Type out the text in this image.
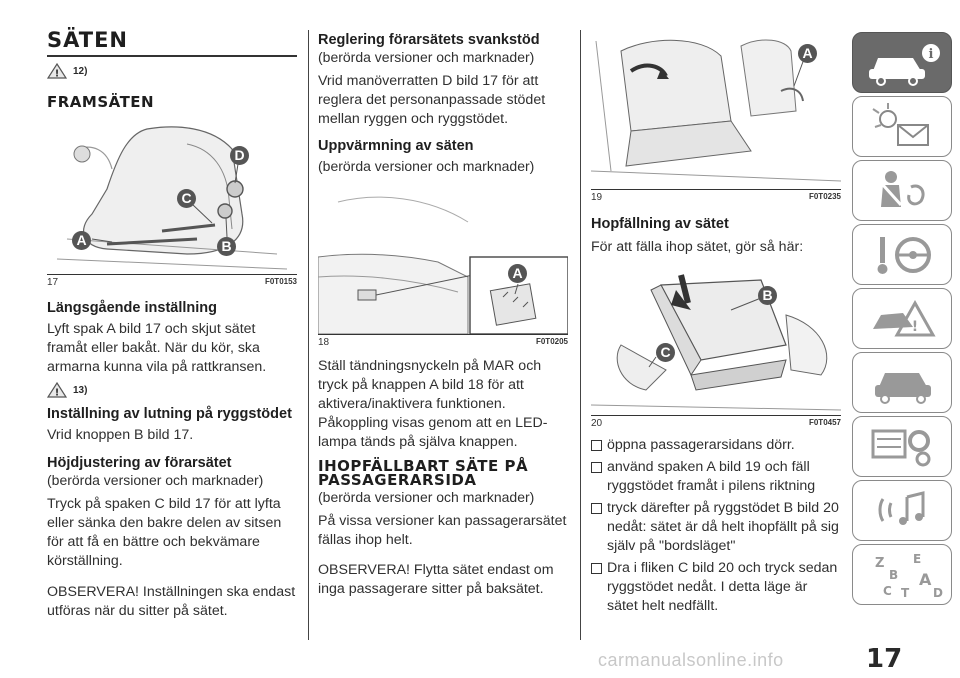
SÄTEN
! 12)
FRAMSÄTEN
D
C
B
A
17	F0T0153
Längsgående inställning

Lyft spak A bild 17 och skjut sätet framåt eller bakåt. När du kör, ska armarna kunna vila på rattkransen.

! 13)
Inställning av lutning på ryggstödet

Vrid knoppen B bild 17.

Höjdjustering av förarsätet

(berörda versioner och marknader)

Tryck på spaken C bild 17 för att lyfta eller sänka den bakre delen av sitsen för att få en bättre och bekvämare körställning.

OBSERVERA! Inställningen ska endast utföras när du sitter på sätet.

Reglering förarsätets svankstöd

(berörda versioner och marknader)

Vrid manöverratten D bild 17 för att reglera det personanpassade stödet mellan ryggen och ryggstödet.

Uppvärmning av säten

(berörda versioner och marknader)

A
18	F0T0205

Ställ tändningsnyckeln på MAR och tryck på knappen A bild 18 för att aktivera/inaktivera funktionen. Påkoppling visas genom att en LED-lampa tänds på själva knappen.

IHOPFÄLLBART SÄTE PÅ PASSAGERARSIDA

(berörda versioner och marknader)

På vissa versioner kan passagerarsätet fällas ihop helt.

OBSERVERA! Flytta sätet endast om inga passagerare sitter på baksätet.

A
19	F0T0235
Hopfällning av sätet

För att fälla ihop sätet, gör så här:

B
C
20	F0T0457
öppna passagerarsidans dörr.
använd spaken A bild 19 och fäll ryggstödet framåt i pilens riktning
tryck därefter på ryggstödet B bild 20 nedåt: sätet är då helt ihopfällt på sig själv på "bordsläget"
Dra i fliken C bild 20 och tryck sedan ryggstödet nedåt. I detta läge är sätet helt nedfällt.
i
!
Z E
B A
C T D
17
carmanualsonline.info
